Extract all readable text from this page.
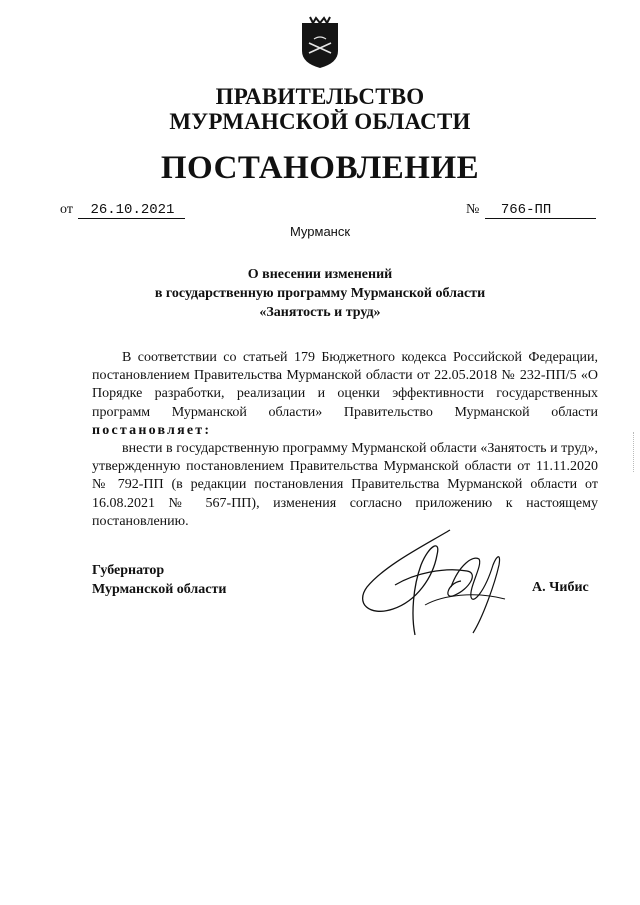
ПРАВИТЕЛЬСТВО
МУРМАНСКОЙ ОБЛАСТИ
ПОСТАНОВЛЕНИЕ
от 26.10.2021	№ 766-ПП
Мурманск
О внесении изменений
в государственную программу Мурманской области
«Занятость и труд»

В соответствии со статьей 179 Бюджетного кодекса Российской Федерации, постановлением Правительства Мурманской области от 22.05.2018 № 232-ПП/5 «О Порядке разработки, реализации и оценки эффективности государственных программ Мурманской области» Правительство Мурманской области постановляет:

внести в государственную программу Мурманской области «Занятость и труд», утвержденную постановлением Правительства Мурманской области от 11.11.2020 № 792-ПП (в редакции постановления Правительства Мурманской области от 16.08.2021 № 567-ПП), изменения согласно приложению к настоящему постановлению.

Губернатор
Мурманской области	А. Чибис
